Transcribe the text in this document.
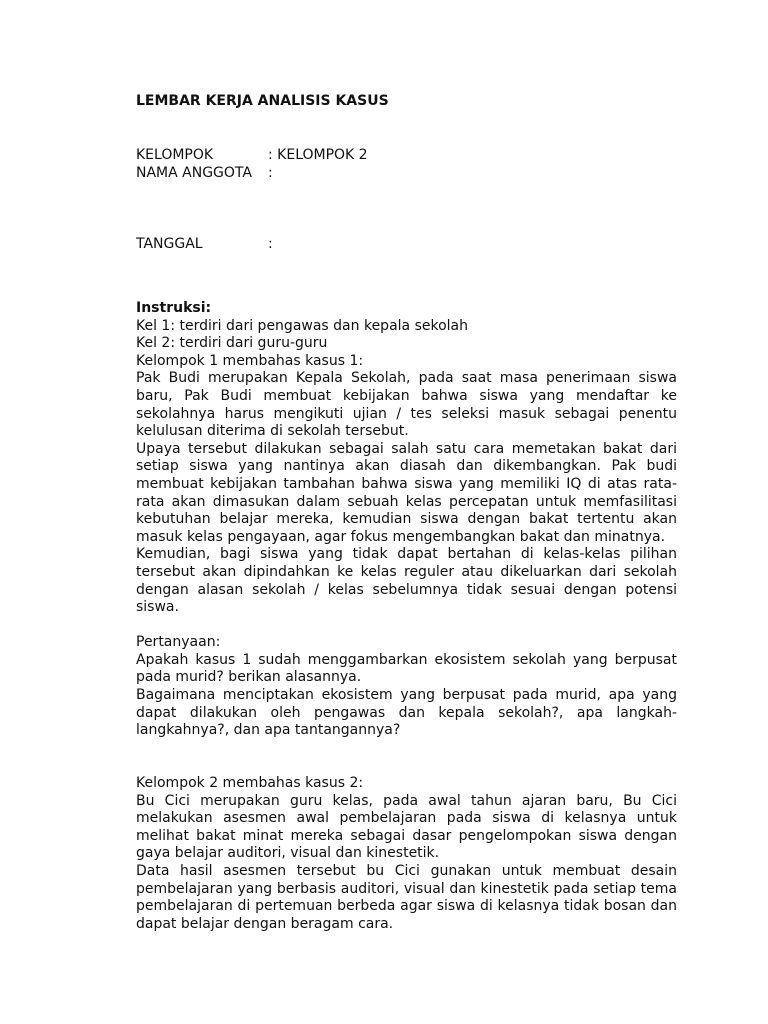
LEMBAR KERJA ANALISIS KASUS
KELOMPOK	: KELOMPOK 2
NAMA ANGGOTA	:
TANGGAL	:

Instruksi:

Kel 1: terdiri dari pengawas dan kepala sekolah

Kel 2: terdiri dari guru-guru

Kelompok 1 membahas kasus 1:

Pak Budi merupakan Kepala Sekolah, pada saat masa penerimaan siswa baru, Pak Budi membuat kebijakan bahwa siswa yang mendaftar ke sekolahnya harus mengikuti ujian / tes seleksi masuk sebagai penentu kelulusan diterima di sekolah tersebut.

Upaya tersebut dilakukan sebagai salah satu cara memetakan bakat dari setiap siswa yang nantinya akan diasah dan dikembangkan. Pak budi membuat kebijakan tambahan bahwa siswa yang memiliki IQ di atas rata-rata akan dimasukan dalam sebuah kelas percepatan untuk memfasilitasi kebutuhan belajar mereka, kemudian siswa dengan bakat tertentu akan masuk kelas pengayaan, agar fokus mengembangkan bakat dan minatnya.

Kemudian, bagi siswa yang tidak dapat bertahan di kelas-kelas pilihan tersebut akan dipindahkan ke kelas reguler atau dikeluarkan dari sekolah dengan alasan sekolah / kelas sebelumnya tidak sesuai dengan potensi siswa.

Pertanyaan:

Apakah kasus 1 sudah menggambarkan ekosistem sekolah yang berpusat pada murid? berikan alasannya.

Bagaimana menciptakan ekosistem yang berpusat pada murid, apa yang dapat dilakukan oleh pengawas dan kepala sekolah?, apa langkah-langkahnya?, dan apa tantangannya?

Kelompok 2 membahas kasus 2:

Bu Cici merupakan guru kelas, pada awal tahun ajaran baru, Bu Cici melakukan asesmen awal pembelajaran pada siswa di kelasnya untuk melihat bakat minat mereka sebagai dasar pengelompokan siswa dengan gaya belajar auditori, visual dan kinestetik.

Data hasil asesmen tersebut bu Cici gunakan untuk membuat desain pembelajaran yang berbasis auditori, visual dan kinestetik pada setiap tema pembelajaran di pertemuan berbeda agar siswa di kelasnya tidak bosan dan dapat belajar dengan beragam cara.
